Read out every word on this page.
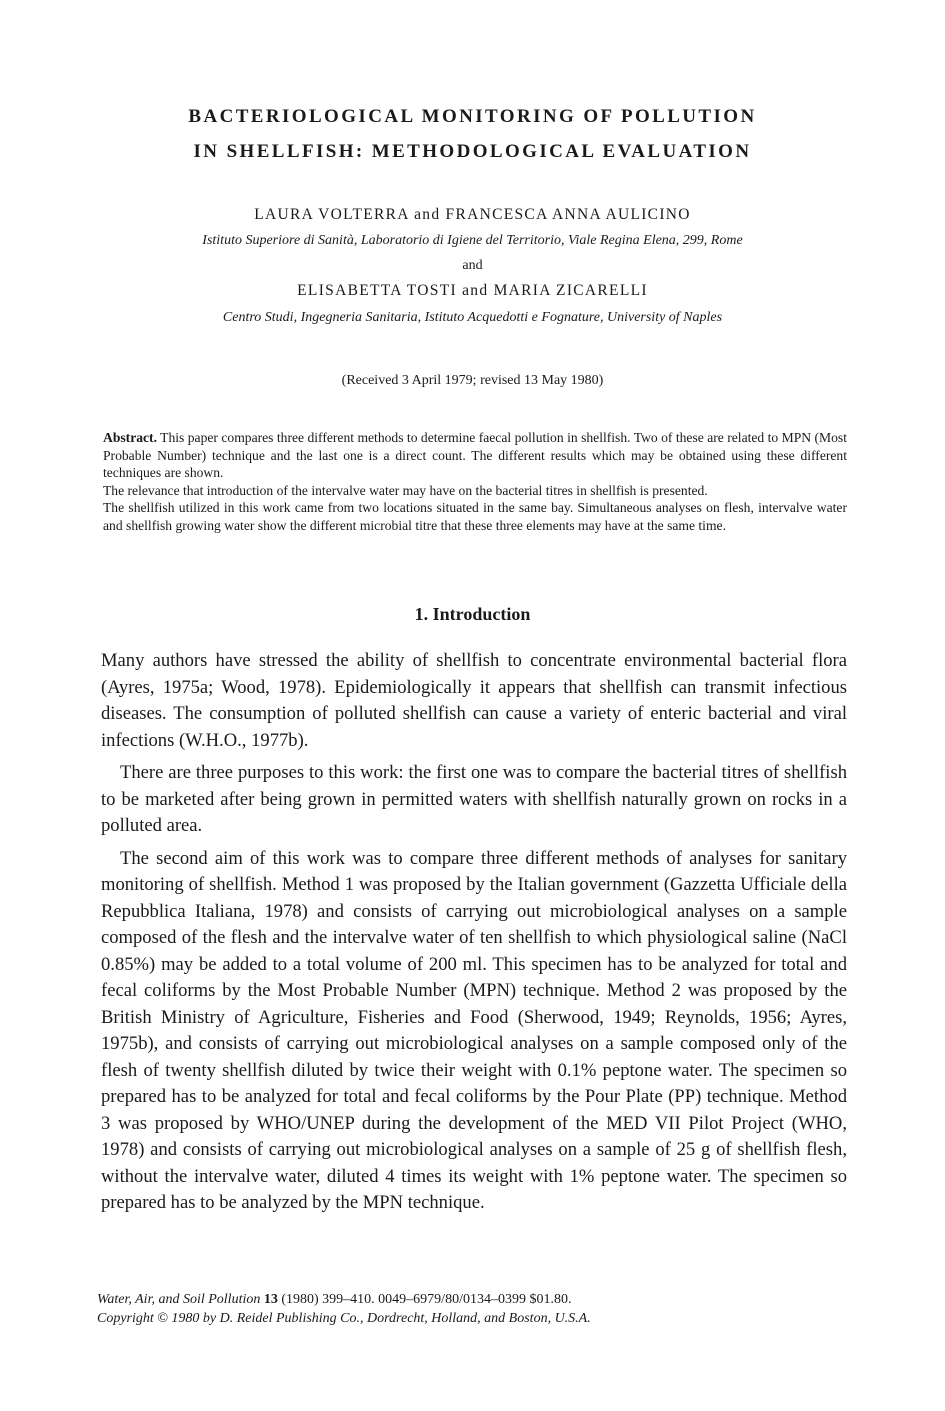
BACTERIOLOGICAL MONITORING OF POLLUTION
IN SHELLFISH: METHODOLOGICAL EVALUATION
LAURA VOLTERRA and FRANCESCA ANNA AULICINO
Istituto Superiore di Sanità, Laboratorio di Igiene del Territorio, Viale Regina Elena, 299, Rome
and
ELISABETTA TOSTI and MARIA ZICARELLI
Centro Studi, Ingegneria Sanitaria, Istituto Acquedotti e Fognature, University of Naples
(Received 3 April 1979; revised 13 May 1980)

Abstract. This paper compares three different methods to determine faecal pollution in shellfish. Two of these are related to MPN (Most Probable Number) technique and the last one is a direct count. The different results which may be obtained using these different techniques are shown.

The relevance that introduction of the intervalve water may have on the bacterial titres in shellfish is presented.

The shellfish utilized in this work came from two locations situated in the same bay. Simultaneous analyses on flesh, intervalve water and shellfish growing water show the different microbial titre that these three elements may have at the same time.

1. Introduction

Many authors have stressed the ability of shellfish to concentrate environmental bacterial flora (Ayres, 1975a; Wood, 1978). Epidemiologically it appears that shellfish can transmit infectious diseases. The consumption of polluted shellfish can cause a variety of enteric bacterial and viral infections (W.H.O., 1977b).

There are three purposes to this work: the first one was to compare the bacterial titres of shellfish to be marketed after being grown in permitted waters with shellfish naturally grown on rocks in a polluted area.

The second aim of this work was to compare three different methods of analyses for sanitary monitoring of shellfish. Method 1 was proposed by the Italian government (Gazzetta Ufficiale della Repubblica Italiana, 1978) and consists of carrying out microbiological analyses on a sample composed of the flesh and the intervalve water of ten shellfish to which physiological saline (NaCl 0.85%) may be added to a total volume of 200 ml. This specimen has to be analyzed for total and fecal coliforms by the Most Probable Number (MPN) technique. Method 2 was proposed by the British Ministry of Agriculture, Fisheries and Food (Sherwood, 1949; Reynolds, 1956; Ayres, 1975b), and consists of carrying out microbiological analyses on a sample composed only of the flesh of twenty shellfish diluted by twice their weight with 0.1% peptone water. The specimen so prepared has to be analyzed for total and fecal coliforms by the Pour Plate (PP) technique. Method 3 was proposed by WHO/UNEP during the development of the MED VII Pilot Project (WHO, 1978) and consists of carrying out microbiological analyses on a sample of 25 g of shellfish flesh, without the intervalve water, diluted 4 times its weight with 1% peptone water. The specimen so prepared has to be analyzed by the MPN technique.

Water, Air, and Soil Pollution 13 (1980) 399–410. 0049–6979/80/0134–0399 $01.80.
Copyright © 1980 by D. Reidel Publishing Co., Dordrecht, Holland, and Boston, U.S.A.
